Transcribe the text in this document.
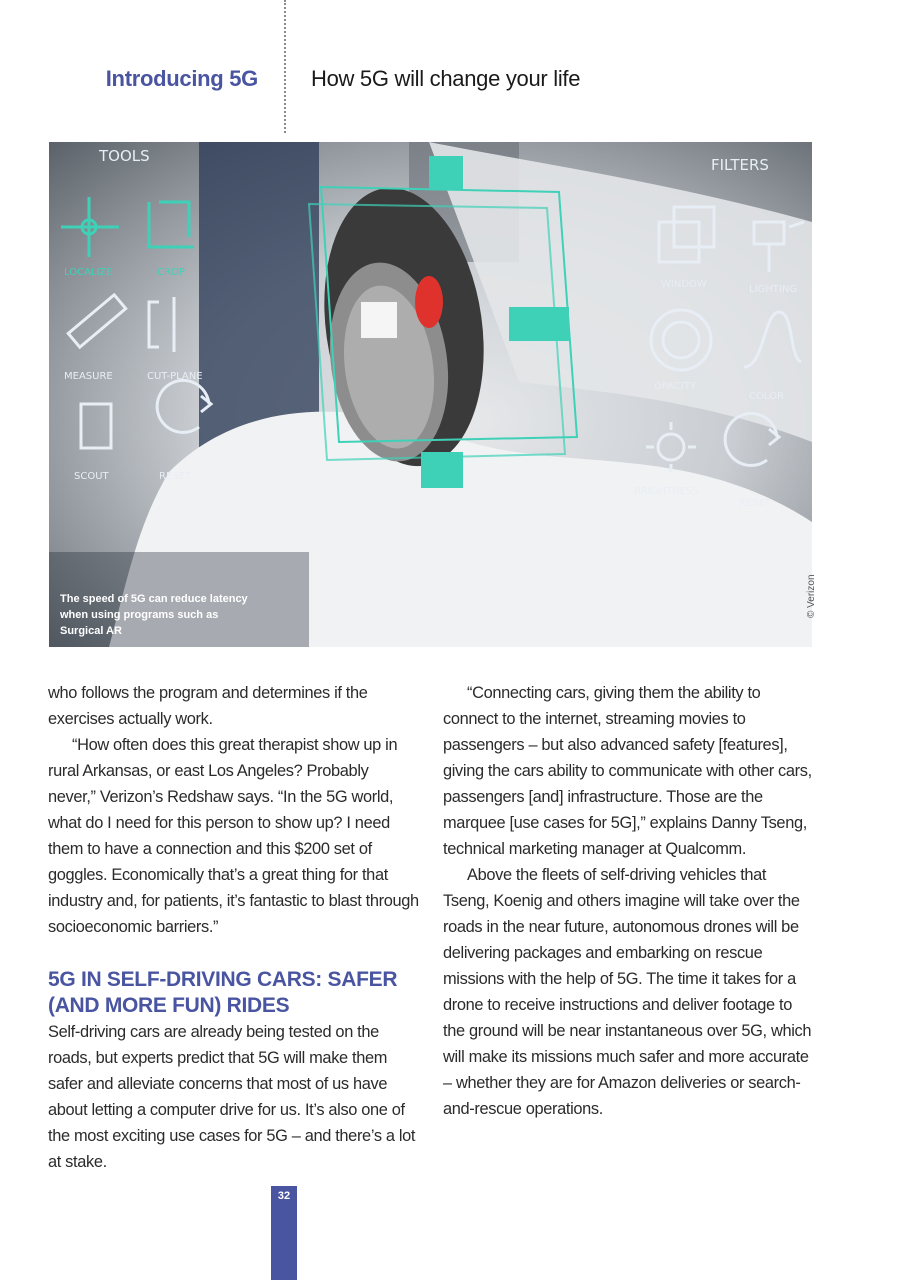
Introducing 5G How 5G will change your life
TOOLS
LOCALIZE	CROP
MEASURE	CUT-PLANE
SCOUT	RESET
FILTERS
WINDOW	LIGHTING
OPACITY
COLOR
BRIGHTNESS
RESET
The speed of 5G can reduce latency when using programs such as Surgical AR
© Verizon

who follows the program and determines if the exercises actually work.

“How often does this great therapist show up in rural Arkansas, or east Los Angeles? Probably never,” Verizon’s Redshaw says. “In the 5G world, what do I need for this person to show up? I need them to have a connection and this $200 set of goggles. Economically that’s a great thing for that industry and, for patients, it’s fantastic to blast through socioeconomic barriers.”

5G IN SELF-DRIVING CARS: SAFER (AND MORE FUN) RIDES

Self-driving cars are already being tested on the roads, but experts predict that 5G will make them safer and alleviate concerns that most of us have about letting a computer drive for us. It’s also one of the most exciting use cases for 5G – and there’s a lot at stake.

“Connecting cars, giving them the ability to connect to the internet, streaming movies to passengers – but also advanced safety [features], giving the cars ability to communicate with other cars, passengers [and] infrastructure. Those are the marquee [use cases for 5G],” explains Danny Tseng, technical marketing manager at Qualcomm.

Above the fleets of self-driving vehicles that Tseng, Koenig and others imagine will take over the roads in the near future, autonomous drones will be delivering packages and embarking on rescue missions with the help of 5G. The time it takes for a drone to receive instructions and deliver footage to the ground will be near instantaneous over 5G, which will make its missions much safer and more accurate – whether they are for Amazon deliveries or search-and-rescue operations.

32
